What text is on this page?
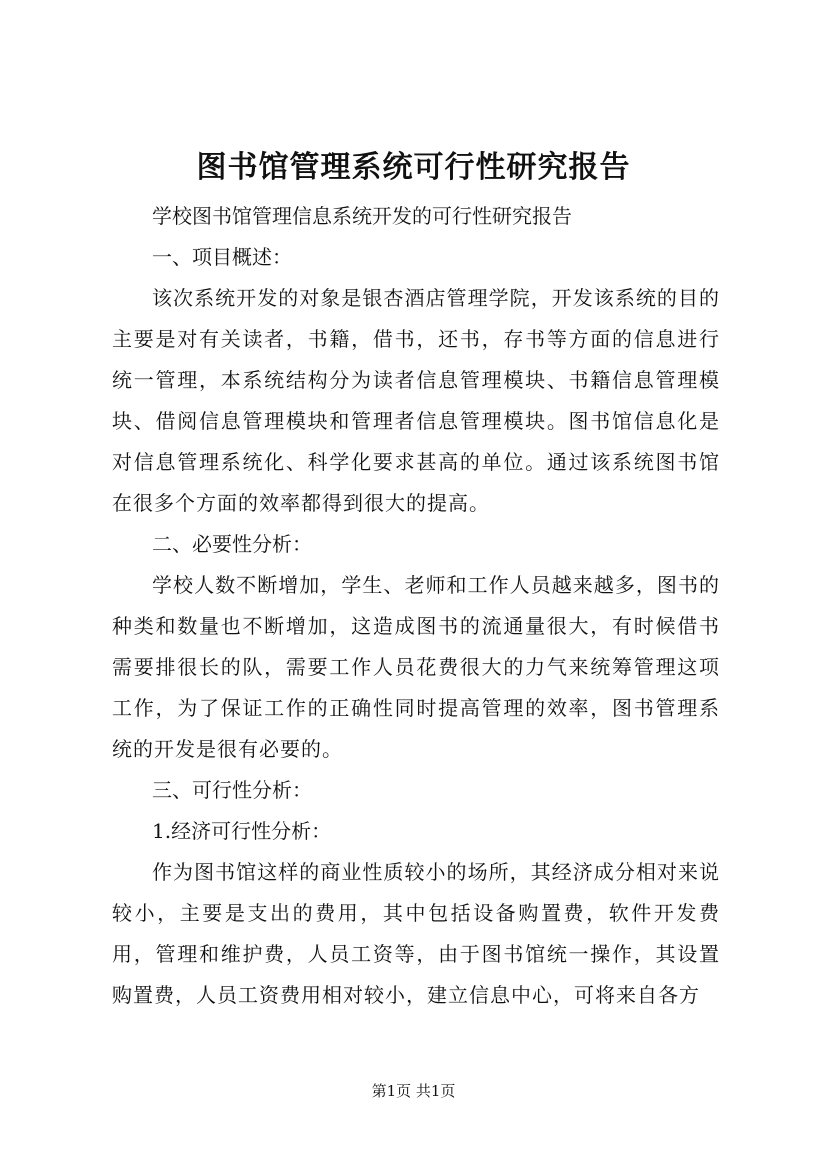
图书馆管理系统可行性研究报告

学校图书馆管理信息系统开发的可行性研究报告

一、项目概述：

该次系统开发的对象是银杏酒店管理学院，开发该系统的目的主要是对有关读者，书籍，借书，还书，存书等方面的信息进行统一管理，本系统结构分为读者信息管理模块、书籍信息管理模块、借阅信息管理模块和管理者信息管理模块。图书馆信息化是对信息管理系统化、科学化要求甚高的单位。通过该系统图书馆在很多个方面的效率都得到很大的提高。

二、必要性分析：

学校人数不断增加，学生、老师和工作人员越来越多，图书的种类和数量也不断增加，这造成图书的流通量很大，有时候借书需要排很长的队，需要工作人员花费很大的力气来统筹管理这项工作，为了保证工作的正确性同时提高管理的效率，图书管理系统的开发是很有必要的。

三、可行性分析：

1.经济可行性分析：

作为图书馆这样的商业性质较小的场所，其经济成分相对来说较小，主要是支出的费用，其中包括设备购置费，软件开发费用，管理和维护费，人员工资等，由于图书馆统一操作，其设置购置费，人员工资费用相对较小，建立信息中心，可将来自各方

第1页 共1页
